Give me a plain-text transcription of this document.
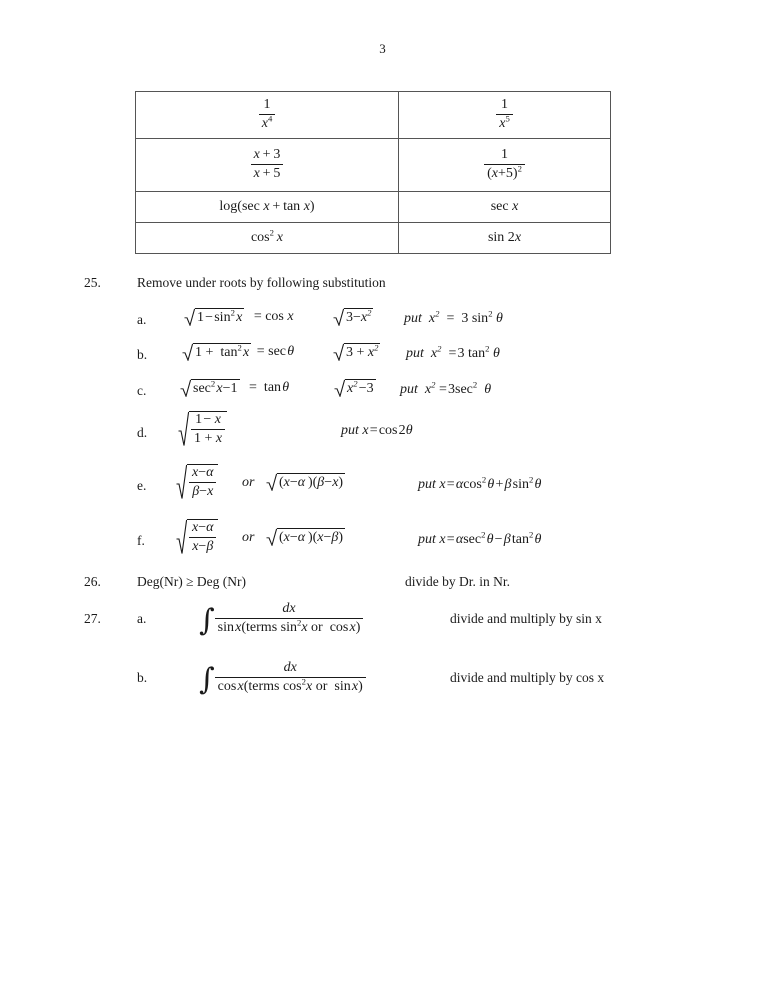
3
$\frac{1}{x^4}$	$\frac{1}{x^5}$

$\frac{x + 3}{x + 5}$	$\frac{1}{(x+5)^2}$

log(sec x + tan x)	sec x
$\cos^2 x$	sin 2x
25.	Remove under roots by following substitution
a.	1 − $\sin^2$ x = cos x	$3-x^2$ put $x^2 = 3$ $\sin^2 \theta$
b.	$1 + \tan^2$ x = sec θ	$3 + x^2$ put $x^2$  = 3 $\tan^2 \theta$
c.	$\sec^2$ x−1 =  tan θ	$x^2$ −3 put $x^2$ = $3\sec^2$ θ
d.	$\frac{1 - x}{1 + x}$	put x = cos 2θ
e.	$\frac{x-\alpha}{\beta-x}$ or	(x−α )(β−x)	put x = αcos$^2$ θ + β $\sin^2$ θ
f.	$\frac{x-\alpha}{x-\beta}$ or	(x−α )(x−β)	put x = αsec$^2$ θ − β $\tan^2$ θ
26.	Deg(Nr) ≥ Deg (Nr)	divide by Dr. in Nr.
27.	a. ∫ $\frac{dx}{\sin x(terms \sin^2x or \cos x)}$	divide and multiply by sin x
b. ∫ $\frac{dx}{\cos x(terms \cos^2x or \sin x)}$	divide and multiply by cos x
